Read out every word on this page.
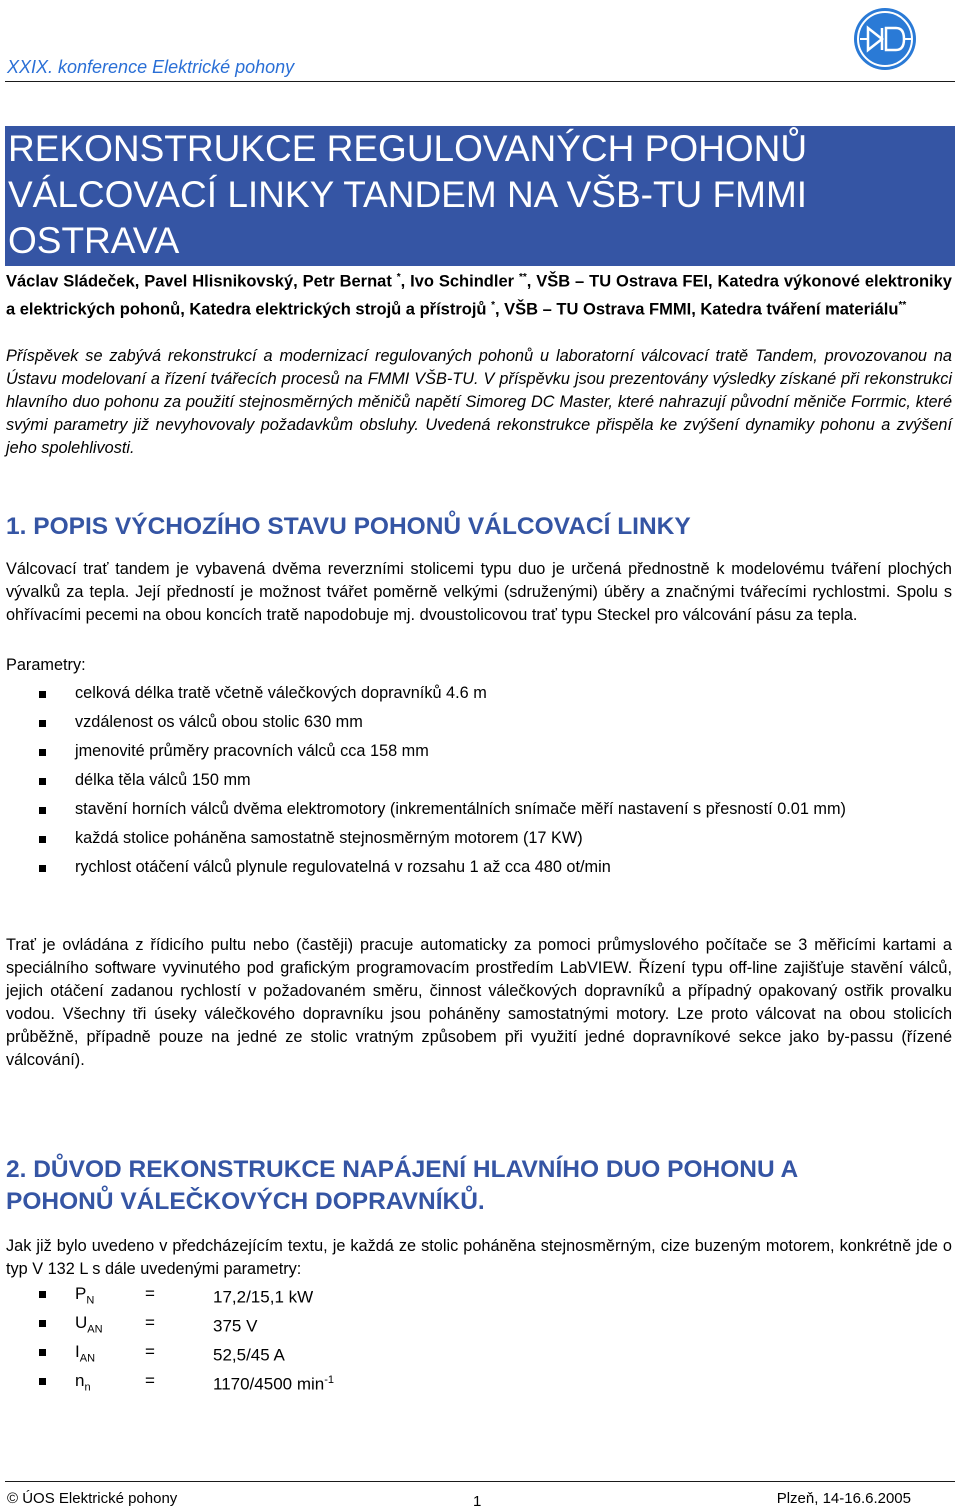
XXIX. konference Elektrické pohony
REKONSTRUKCE REGULOVANÝCH POHONŮ
VÁLCOVACÍ LINKY TANDEM NA VŠB-TU FMMI
OSTRAVA
Václav Sládeček, Pavel Hlisnikovský, Petr Bernat *, Ivo Schindler **, VŠB – TU Ostrava FEI, Katedra výkonové elektroniky a elektrických pohonů, Katedra elektrických strojů a přístrojů *, VŠB – TU Ostrava FMMI, Katedra tváření materiálu**
Příspěvek se zabývá rekonstrukcí a modernizací regulovaných pohonů u laboratorní válcovací tratě Tandem, provozovanou na Ústavu modelovaní a řízení tvářecích procesů na FMMI VŠB-TU. V příspěvku jsou prezentovány výsledky získané při rekonstrukci hlavního duo pohonu za použití stejnosměrných měničů napětí Simoreg DC Master, které nahrazují původní měniče Forrmic, které svými parametry již nevyhovovaly požadavkům obsluhy. Uvedená rekonstrukce přispěla ke zvýšení dynamiky pohonu a zvýšení jeho spolehlivosti.
1. POPIS VÝCHOZÍHO STAVU POHONŮ VÁLCOVACÍ LINKY
Válcovací trať tandem je vybavená dvěma reverzními stolicemi typu duo je určená přednostně k modelovému tváření plochých vývalků za tepla. Její předností je možnost tvářet poměrně velkými (sdruženými) úběry a značnými tvářecími rychlostmi. Spolu s ohřívacími pecemi na obou koncích tratě napodobuje mj. dvoustolicovou trať typu Steckel pro válcování pásu za tepla.
Parametry:
celková délka tratě včetně válečkových dopravníků 4.6 m
vzdálenost os válců obou stolic 630 mm
jmenovité průměry pracovních válců cca 158 mm
délka těla válců 150 mm
stavění horních válců dvěma elektromotory (inkrementálních snímače měří nastavení s přesností 0.01 mm)
každá stolice poháněna samostatně stejnosměrným motorem (17 KW)
rychlost otáčení válců plynule regulovatelná v rozsahu 1 až cca 480 ot/min
Trať je ovládána z řídicího pultu nebo (častěji) pracuje automaticky za pomoci průmyslového počítače se 3 měřicími kartami a speciálního software vyvinutého pod grafickým programovacím prostředím LabVIEW. Řízení typu off-line zajišťuje stavění válců, jejich otáčení zadanou rychlostí v požadovaném směru, činnost válečkových dopravníků a případný opakovaný ostřik provalku vodou. Všechny tři úseky válečkového dopravníku jsou poháněny samostatnými motory. Lze proto válcovat na obou stolicích průběžně, případně pouze na jedné ze stolic vratným způsobem při využití jedné dopravníkové sekce jako by-passu (řízené válcování).
2. DŮVOD REKONSTRUKCE NAPÁJENÍ HLAVNÍHO DUO POHONU A
POHONŮ VÁLEČKOVÝCH DOPRAVNÍKŮ.
Jak již bylo uvedeno v předcházejícím textu, je každá ze stolic poháněna stejnosměrným, cize buzeným motorem, konkrétně jde o typ V 132 L s dále uvedenými parametry:
$P_N$	=	17,2/15,1 kW
$U_{AN}$ =	375 V
$I_{AN}$	=	52,5/45 A
$n_n$	=	1170/4500 $\min^{-1}$
© ÚOS Elektrické pohony	1	Plzeň, 14-16.6.2005
